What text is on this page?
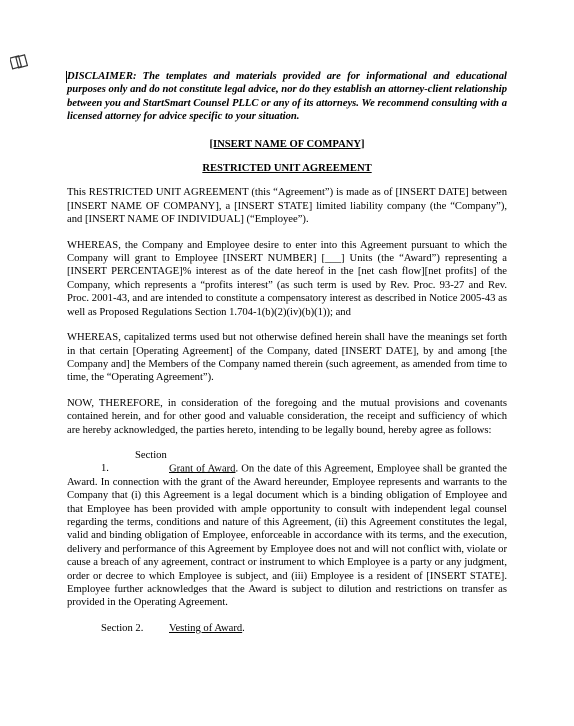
DISCLAIMER: The templates and materials provided are for informational and educational purposes only and do not constitute legal advice, nor do they establish an attorney-client relationship between you and StartSmart Counsel PLLC or any of its attorneys. We recommend consulting with a licensed attorney for advice specific to your situation.

[INSERT NAME OF COMPANY]

RESTRICTED UNIT AGREEMENT

This RESTRICTED UNIT AGREEMENT (this “Agreement”) is made as of [INSERT DATE] between [INSERT NAME OF COMPANY], a [INSERT STATE] limited liability company (the “Company”), and [INSERT NAME OF INDIVIDUAL] (“Employee”).

WHEREAS, the Company and Employee desire to enter into this Agreement pursuant to which the Company will grant to Employee [INSERT NUMBER] [___] Units (the “Award”) representing a [INSERT PERCENTAGE]% interest as of the date hereof in the [net cash flow][net profits] of the Company, which represents a “profits interest” (as such term is used by Rev. Proc. 93-27 and Rev. Proc. 2001-43, and are intended to constitute a compensatory interest as described in Notice 2005-43 as well as Proposed Regulations Section 1.704-1(b)(2)(iv)(b)(1)); and

WHEREAS, capitalized terms used but not otherwise defined herein shall have the meanings set forth in that certain [Operating Agreement] of the Company, dated [INSERT DATE], by and among [the Company and] the Members of the Company named therein (such agreement, as amended from time to time, the “Operating Agreement”).

NOW, THEREFORE, in consideration of the foregoing and the mutual provisions and covenants contained herein, and for other good and valuable consideration, the receipt and sufficiency of which are hereby acknowledged, the parties hereto, intending to be legally bound, hereby agree as follows:

Section 1.	Grant of Award. On the date of this Agreement, Employee shall be granted the Award. In connection with the grant of the Award hereunder, Employee represents and warrants to the Company that (i) this Agreement is a legal document which is a binding obligation of Employee and that Employee has been provided with ample opportunity to consult with independent legal counsel regarding the terms, conditions and nature of this Agreement, (ii) this Agreement constitutes the legal, valid and binding obligation of Employee, enforceable in accordance with its terms, and the execution, delivery and performance of this Agreement by Employee does not and will not conflict with, violate or cause a breach of any agreement, contract or instrument to which Employee is a party or any judgment, order or decree to which Employee is subject, and (iii) Employee is a resident of [INSERT STATE]. Employee further acknowledges that the Award is subject to dilution and restrictions on transfer as provided in the Operating Agreement.

Section 2. Vesting of Award.
